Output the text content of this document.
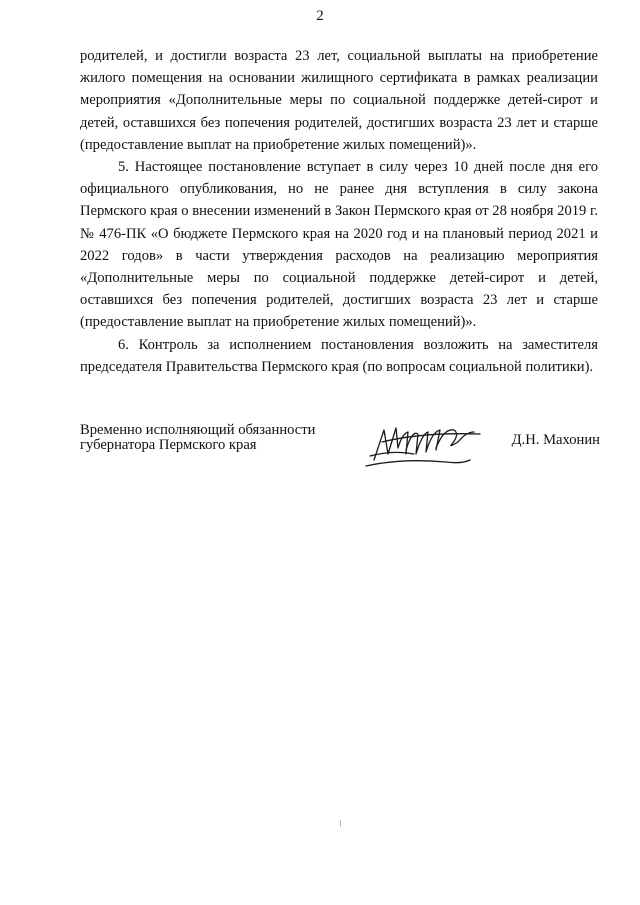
2

родителей, и достигли возраста 23 лет, социальной выплаты на приобретение жилого помещения на основании жилищного сертификата в рамках реализации мероприятия «Дополнительные меры по социальной поддержке детей-сирот и детей, оставшихся без попечения родителей, достигших возраста 23 лет и старше (предоставление выплат на приобретение жилых помещений)».

5. Настоящее постановление вступает в силу через 10 дней после дня его официального опубликования, но не ранее дня вступления в силу закона Пермского края о внесении изменений в Закон Пермского края от 28 ноября 2019 г. № 476-ПК «О бюджете Пермского края на 2020 год и на плановый период 2021 и 2022 годов» в части утверждения расходов на реализацию мероприятия «Дополнительные меры по социальной поддержке детей-сирот и детей, оставшихся без попечения родителей, достигших возраста 23 лет и старше (предоставление выплат на приобретение жилых помещений)».

6. Контроль за исполнением постановления возложить на заместителя председателя Правительства Пермского края (по вопросам социальной политики).

Временно исполняющий обязанности
губернатора Пермского края	Д.Н. Махонин
